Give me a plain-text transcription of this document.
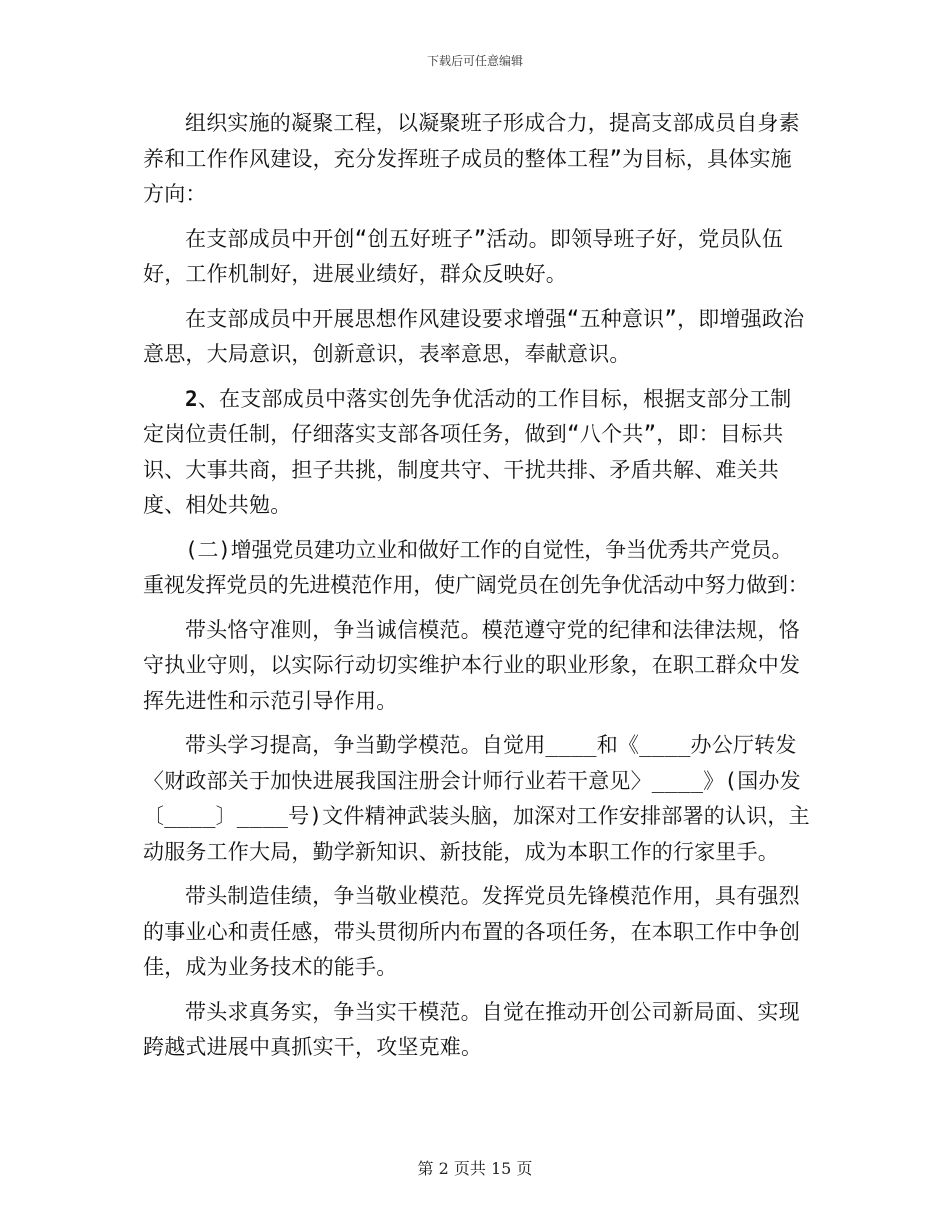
下载后可任意编辑

组织实施的凝聚工程，以凝聚班子形成合力，提高支部成员自身素养和工作作风建设，充分发挥班子成员的整体工程”为目标，具体实施方向：

在支部成员中开创“创五好班子”活动。即领导班子好，党员队伍好，工作机制好，进展业绩好，群众反映好。

在支部成员中开展思想作风建设要求增强“五种意识”，即增强政治意思，大局意识，创新意识，表率意思，奉献意识。

2、在支部成员中落实创先争优活动的工作目标，根据支部分工制定岗位责任制，仔细落实支部各项任务，做到“八个共”，即：目标共识、大事共商，担子共挑，制度共守、干扰共排、矛盾共解、难关共度、相处共勉。

(二)增强党员建功立业和做好工作的自觉性，争当优秀共产党员。重视发挥党员的先进模范作用，使广阔党员在创先争优活动中努力做到：

带头恪守准则，争当诚信模范。模范遵守党的纪律和法律法规，恪守执业守则，以实际行动切实维护本行业的职业形象，在职工群众中发挥先进性和示范引导作用。

带头学习提高，争当勤学模范。自觉用____和《____办公厅转发〈财政部关于加快进展我国注册会计师行业若干意见〉____》(国办发〔____〕____号)文件精神武装头脑，加深对工作安排部署的认识，主动服务工作大局，勤学新知识、新技能，成为本职工作的行家里手。

带头制造佳绩，争当敬业模范。发挥党员先锋模范作用，具有强烈的事业心和责任感，带头贯彻所内布置的各项任务，在本职工作中争创佳，成为业务技术的能手。

带头求真务实，争当实干模范。自觉在推动开创公司新局面、实现跨越式进展中真抓实干，攻坚克难。

第 2 页共 15 页
